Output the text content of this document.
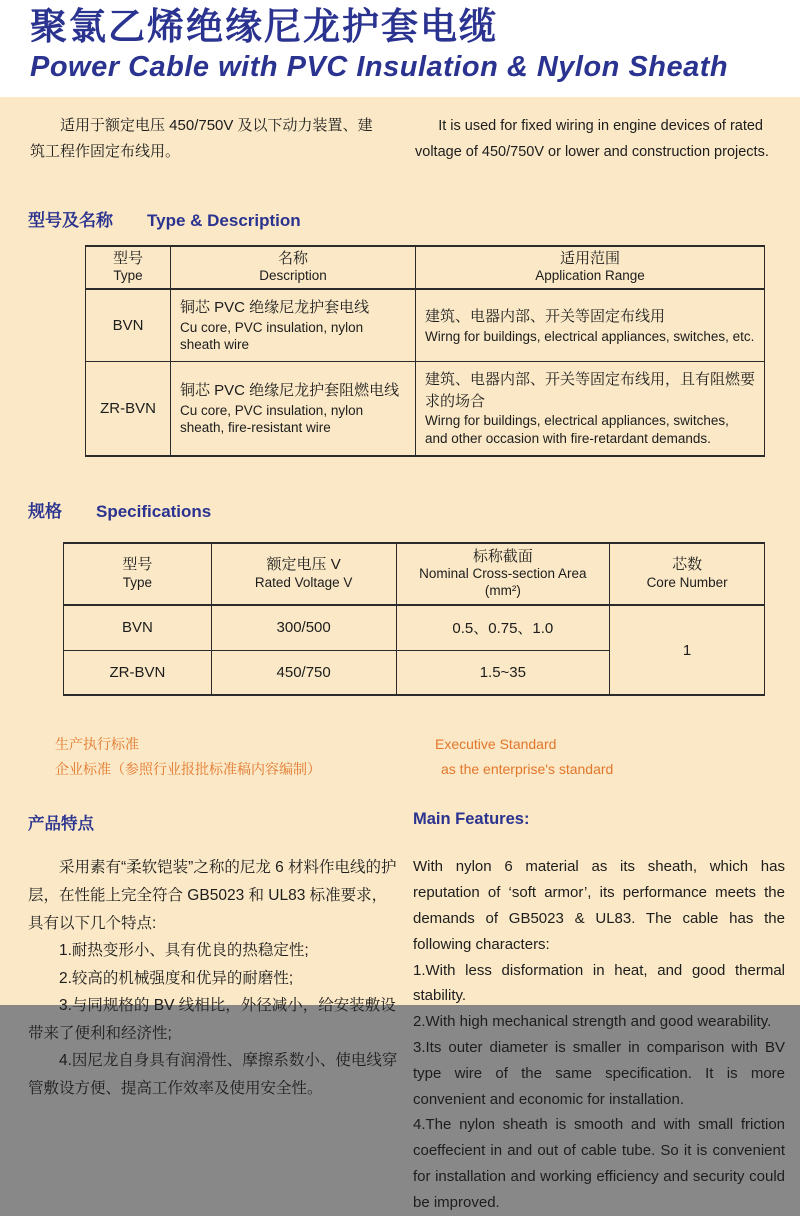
聚氯乙烯绝缘尼龙护套电缆
Power Cable with PVC Insulation & Nylon Sheath
适用于额定电压 450/750V 及以下动力装置、建筑工程作固定布线用。
It is used for fixed wiring in engine devices of rated voltage of 450/750V or lower and construction projects.
型号及名称 Type & Description
型号
Type	名称
Description	适用范围
Application Range

BVN	铜芯 PVC 绝缘尼龙护套电线
Cu core, PVC insulation, nylon sheath wire	建筑、电器内部、开关等固定布线用
Wirng for buildings, electrical appliances, switches, etc.

ZR-BVN	铜芯 PVC 绝缘尼龙护套阻燃电线
Cu core, PVC insulation, nylon sheath, fire-resistant wire	建筑、电器内部、开关等固定布线用，且有阻燃要求的场合
Wirng for buildings, electrical appliances, switches, and other occasion with fire-retardant demands.
规格 Specifications
型号
Type	额定电压 V
Rated Voltage V	标称截面
Nominal Cross-section Area (mm²)	芯数
Core Number

BVN	300/500	0.5、0.75、1.0	1
ZR-BVN	450/750	1.5~35	
生产执行标准
企业标准（参照行业报批标准稿内容编制）
Executive Standard
as the enterprise's standard
产品特点	Main Features:

采用素有“柔软铠装”之称的尼龙 6 材料作电线的护层，在性能上完全符合 GB5023 和 UL83 标准要求，具有以下几个特点:

1.耐热变形小、具有优良的热稳定性;

2.较高的机械强度和优异的耐磨性;

3.与同规格的 BV 线相比，外径减小，给安装敷设带来了便利和经济性;

4.因尼龙自身具有润滑性、摩擦系数小、使电线穿管敷设方便、提高工作效率及使用安全性。

With nylon 6 material as its sheath, which has reputation of ‘soft armor’, its performance meets the demands of GB5023 & UL83. The cable has the following characters:
1.With less disformation in heat, and good thermal stability.
2.With high mechanical strength and good wearability.
3.Its outer diameter is smaller in comparison with BV type wire of the same specification. It is more convenient and economic for installation.
4.The nylon sheath is smooth and with small friction coeffecient in and out of cable tube. So it is convenient for installation and working efficiency and security could be improved.
